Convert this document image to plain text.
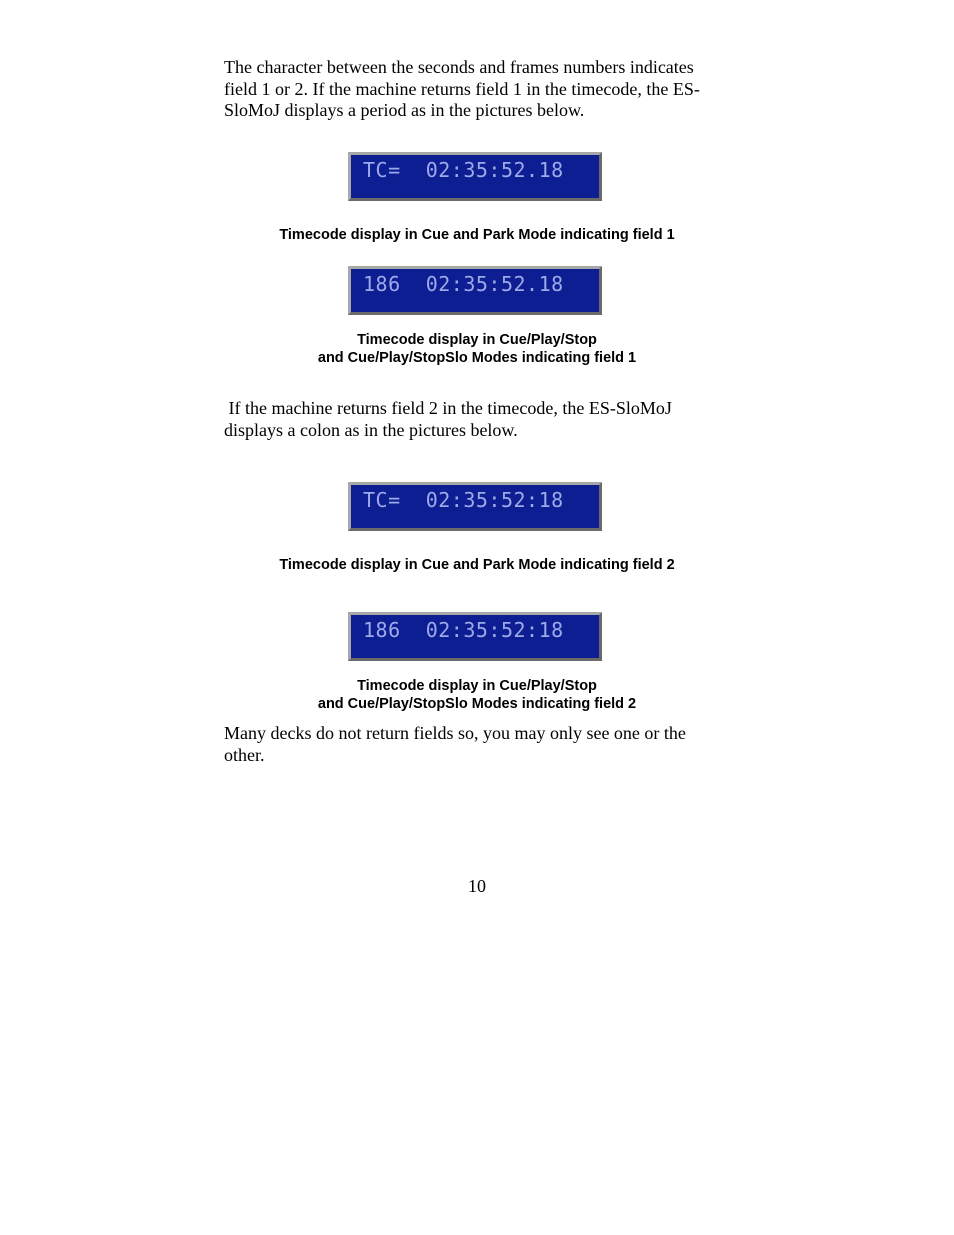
The character between the seconds and frames numbers indicates
field 1 or 2. If the machine returns field 1 in the timecode, the ES-
SloMoJ displays a period as in the pictures below.
TC=  02:35:52.18
Timecode display in Cue and Park Mode indicating field 1
186  02:35:52.18
Timecode display in Cue/Play/Stop
and Cue/Play/StopSlo Modes indicating field 1
If the machine returns field 2 in the timecode, the ES-SloMoJ
displays a colon as in the pictures below.
TC=  02:35:52:18
Timecode display in Cue and Park Mode indicating field 2
186  02:35:52:18
Timecode display in Cue/Play/Stop
and Cue/Play/StopSlo Modes indicating field 2
Many decks do not return fields so, you may only see one or the
other.
10
